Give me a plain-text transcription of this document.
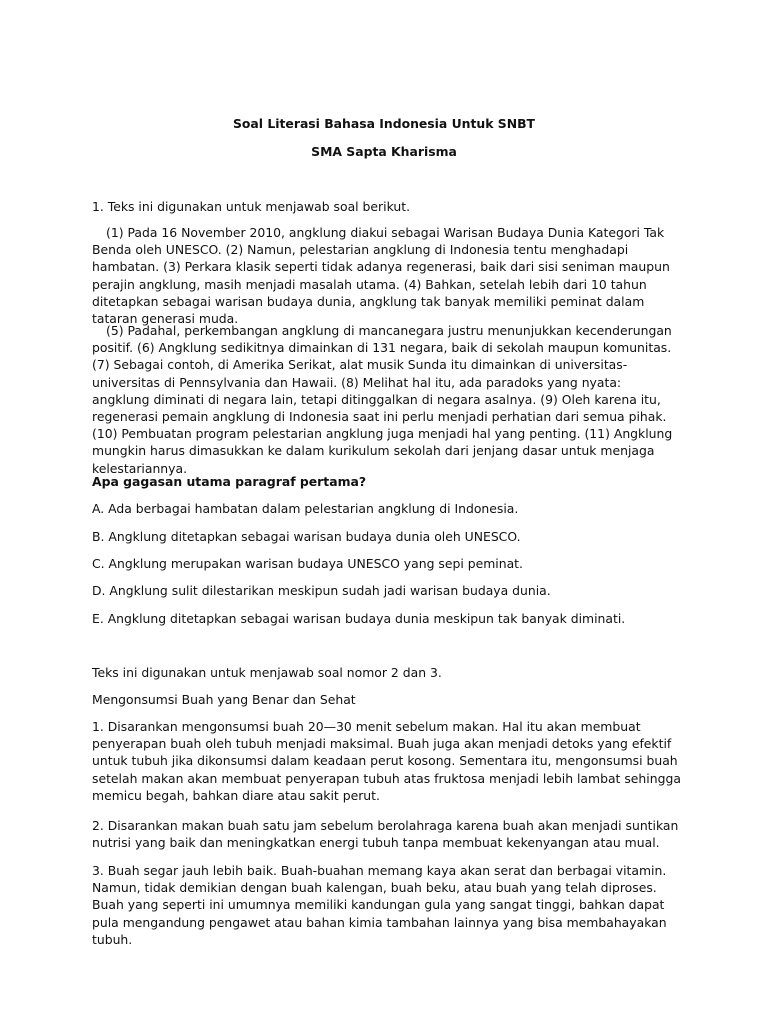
Soal Literasi Bahasa Indonesia Untuk SNBT
SMA Sapta Kharisma

1. Teks ini digunakan untuk menjawab soal berikut.

(1) Pada 16 November 2010, angklung diakui sebagai Warisan Budaya Dunia Kategori Tak Benda oleh UNESCO. (2) Namun, pelestarian angklung di Indonesia tentu menghadapi hambatan. (3) Perkara klasik seperti tidak adanya regenerasi, baik dari sisi seniman maupun perajin angklung, masih menjadi masalah utama. (4) Bahkan, setelah lebih dari 10 tahun ditetapkan sebagai warisan budaya dunia, angklung tak banyak memiliki peminat dalam tataran generasi muda.

(5) Padahal, perkembangan angklung di mancanegara justru menunjukkan kecenderungan positif. (6) Angklung sedikitnya dimainkan di 131 negara, baik di sekolah maupun komunitas. (7) Sebagai contoh, di Amerika Serikat, alat musik Sunda itu dimainkan di universitas-universitas di Pennsylvania dan Hawaii. (8) Melihat hal itu, ada paradoks yang nyata: angklung diminati di negara lain, tetapi ditinggalkan di negara asalnya. (9) Oleh karena itu, regenerasi pemain angklung di Indonesia saat ini perlu menjadi perhatian dari semua pihak. (10) Pembuatan program pelestarian angklung juga menjadi hal yang penting. (11) Angklung mungkin harus dimasukkan ke dalam kurikulum sekolah dari jenjang dasar untuk menjaga kelestariannya.

Apa gagasan utama paragraf pertama?

A. Ada berbagai hambatan dalam pelestarian angklung di Indonesia.

B. Angklung ditetapkan sebagai warisan budaya dunia oleh UNESCO.

C. Angklung merupakan warisan budaya UNESCO yang sepi peminat.

D. Angklung sulit dilestarikan meskipun sudah jadi warisan budaya dunia.

E. Angklung ditetapkan sebagai warisan budaya dunia meskipun tak banyak diminati.

Teks ini digunakan untuk menjawab soal nomor 2 dan 3.

Mengonsumsi Buah yang Benar dan Sehat

1. Disarankan mengonsumsi buah 20—30 menit sebelum makan. Hal itu akan membuat penyerapan buah oleh tubuh menjadi maksimal. Buah juga akan menjadi detoks yang efektif untuk tubuh jika dikonsumsi dalam keadaan perut kosong. Sementara itu, mengonsumsi buah setelah makan akan membuat penyerapan tubuh atas fruktosa menjadi lebih lambat sehingga memicu begah, bahkan diare atau sakit perut.

2. Disarankan makan buah satu jam sebelum berolahraga karena buah akan menjadi suntikan nutrisi yang baik dan meningkatkan energi tubuh tanpa membuat kekenyangan atau mual.

3. Buah segar jauh lebih baik. Buah-buahan memang kaya akan serat dan berbagai vitamin. Namun, tidak demikian dengan buah kalengan, buah beku, atau buah yang telah diproses. Buah yang seperti ini umumnya memiliki kandungan gula yang sangat tinggi, bahkan dapat pula mengandung pengawet atau bahan kimia tambahan lainnya yang bisa membahayakan tubuh.
